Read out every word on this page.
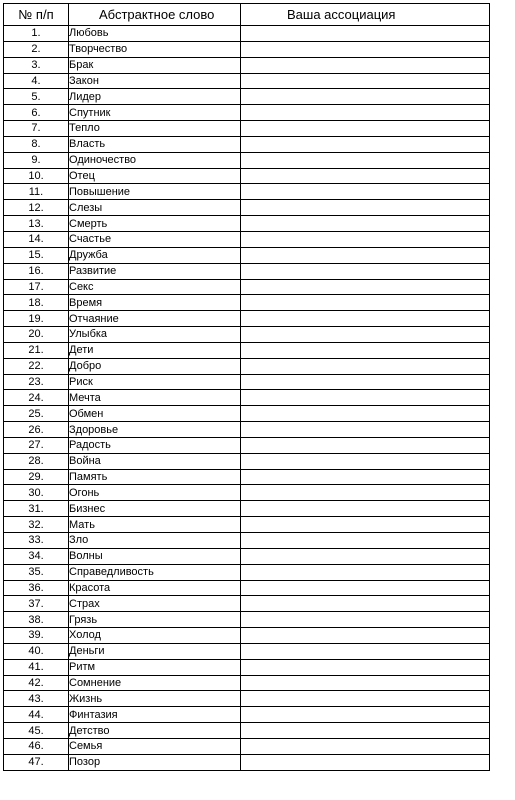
№ п/п	Абстрактное слово	Ваша ассоциация
1.	Любовь	
2.	Творчество	
3.	Брак	
4.	Закон	
5.	Лидер	
6.	Спутник	
7.	Тепло	
8.	Власть	
9.	Одиночество	
10.	Отец	
11.	Повышение	
12.	Слезы	
13.	Смерть	
14.	Счастье	
15.	Дружба	
16.	Развитие	
17.	Секс	
18.	Время	
19.	Отчаяние	
20.	Улыбка	
21.	Дети	
22.	Добро	
23.	Риск	
24.	Мечта	
25.	Обмен	
26.	Здоровье	
27.	Радость	
28.	Война	
29.	Память	
30.	Огонь	
31.	Бизнес	
32.	Мать	
33.	Зло	
34.	Волны	
35.	Справедливость	
36.	Красота	
37.	Страх	
38.	Грязь	
39.	Холод	
40.	Деньги	
41.	Ритм	
42.	Сомнение	
43.	Жизнь	
44.	Финтазия	
45.	Детство	
46.	Семья	
47.	Позор	
